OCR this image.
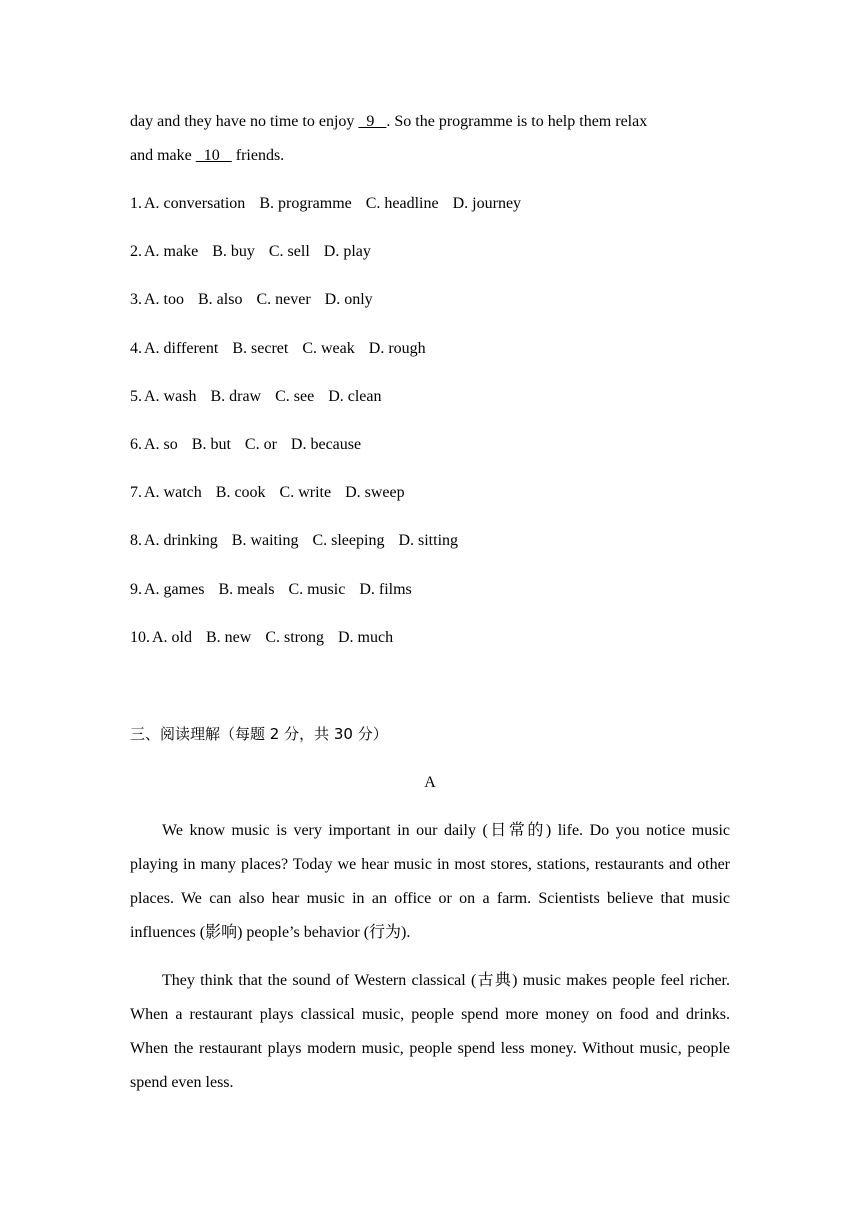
day and they have no time to enjoy   9   . So the programme is to help them relax
and make   10    friends.
1. A. conversation B. programme C. headline D. journey
2. A. make B. buy C. sell D. play
3. A. too B. also C. never D. only
4. A. different B. secret C. weak D. rough
5. A. wash B. draw C. see D. clean
6. A. so B. but C. or D. because
7. A. watch B. cook C. write D. sweep
8. A. drinking B. waiting C. sleeping D. sitting
9. A. games B. meals C. music D. films
10. A. old B. new C. strong D. much
三、阅读理解（每题 2 分，共 30 分）
A
We know music is very important in our daily (日常的) life. Do you notice music playing in many places? Today we hear music in most stores, stations, restaurants and other places. We can also hear music in an office or on a farm. Scientists believe that music influences (影响) people’s behavior (行为).
They think that the sound of Western classical (古典) music makes people feel richer. When a restaurant plays classical music, people spend more money on food and drinks. When the restaurant plays modern music, people spend less money. Without music, people spend even less.
